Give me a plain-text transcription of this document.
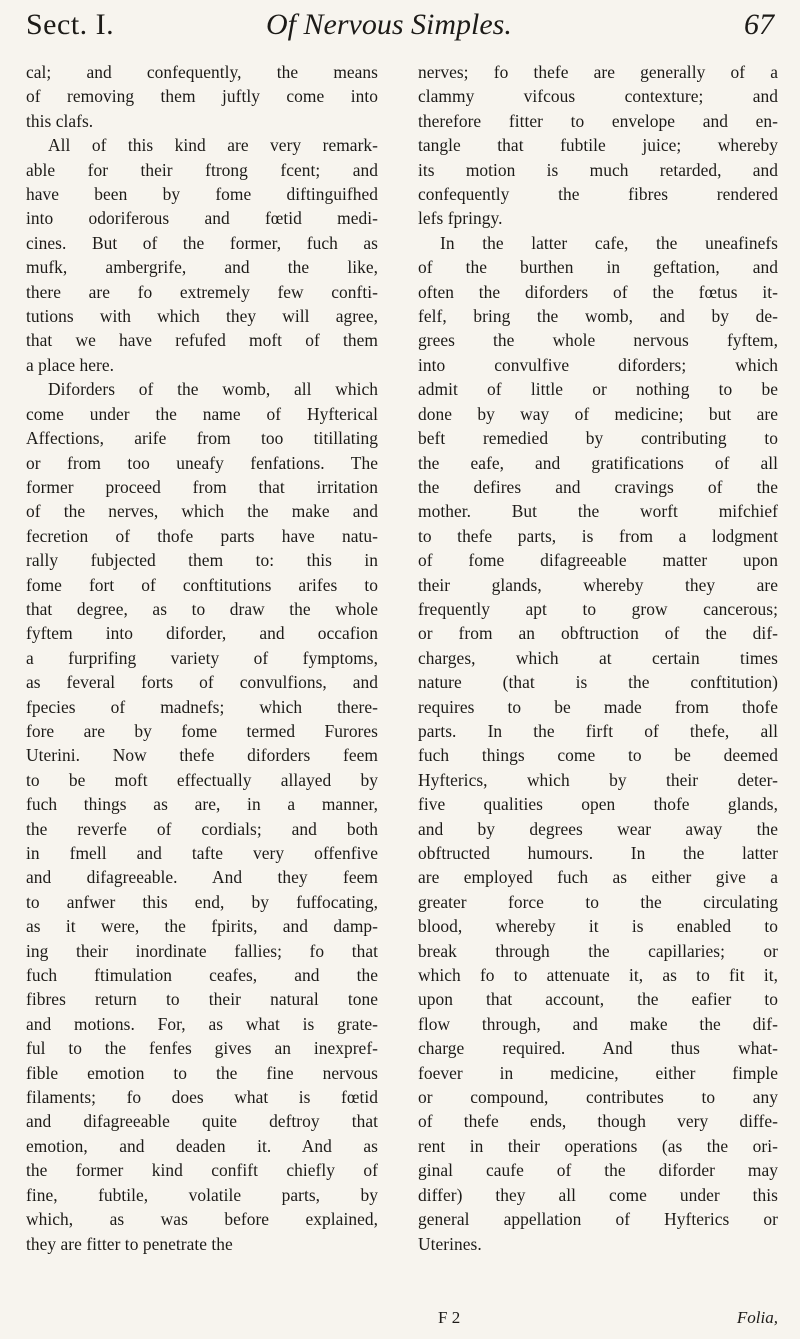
Sect. I.	Of Nervous Simples.	67
cal; and confequently, the means
of removing them juftly come into
this clafs.
All of this kind are very remark-
able for their ftrong fcent; and
have been by fome diftinguifhed
into odoriferous and fœtid medi-
cines. But of the former, fuch as
mufk, ambergrife, and the like,
there are fo extremely few confti-
tutions with which they will agree,
that we have refufed moft of them
a place here.
Diforders of the womb, all which
come under the name of Hyfterical
Affections, arife from too titillating
or from too uneafy fenfations. The
former proceed from that irritation
of the nerves, which the make and
fecretion of thofe parts have natu-
rally fubjected them to: this in
fome fort of conftitutions arifes to
that degree, as to draw the whole
fyftem into diforder, and occafion
a furprifing variety of fymptoms,
as feveral forts of convulfions, and
fpecies of madnefs; which there-
fore are by fome termed Furores
Uterini. Now thefe diforders feem
to be moft effectually allayed by
fuch things as are, in a manner,
the reverfe of cordials; and both
in fmell and tafte very offenfive
and difagreeable. And they feem
to anfwer this end, by fuffocating,
as it were, the fpirits, and damp-
ing their inordinate fallies; fo that
fuch ftimulation ceafes, and the
fibres return to their natural tone
and motions. For, as what is grate-
ful to the fenfes gives an inexpref-
fible emotion to the fine nervous
filaments; fo does what is fœtid
and difagreeable quite deftroy that
emotion, and deaden it. And as
the former kind confift chiefly of
fine, fubtile, volatile parts, by
which, as was before explained,
they are fitter to penetrate the
nerves; fo thefe are generally of a
clammy vifcous contexture; and
therefore fitter to envelope and en-
tangle that fubtile juice; whereby
its motion is much retarded, and
confequently the fibres rendered
lefs fpringy.
In the latter cafe, the uneafinefs
of the burthen in geftation, and
often the diforders of the fœtus it-
felf, bring the womb, and by de-
grees the whole nervous fyftem,
into convulfive diforders; which
admit of little or nothing to be
done by way of medicine; but are
beft remedied by contributing to
the eafe, and gratifications of all
the defires and cravings of the
mother. But the worft mifchief
to thefe parts, is from a lodgment
of fome difagreeable matter upon
their glands, whereby they are
frequently apt to grow cancerous;
or from an obftruction of the dif-
charges, which at certain times
nature (that is the conftitution)
requires to be made from thofe
parts. In the firft of thefe, all
fuch things come to be deemed
Hyfterics, which by their deter-
five qualities open thofe glands,
and by degrees wear away the
obftructed humours. In the latter
are employed fuch as either give a
greater force to the circulating
blood, whereby it is enabled to
break through the capillaries; or
which fo to attenuate it, as to fit it,
upon that account, the eafier to
flow through, and make the dif-
charge required. And thus what-
foever in medicine, either fimple
or compound, contributes to any
of thefe ends, though very diffe-
rent in their operations (as the ori-
ginal caufe of the diforder may
differ) they all come under this
general appellation of Hyfterics or
Uterines.
F 2	Folia,
